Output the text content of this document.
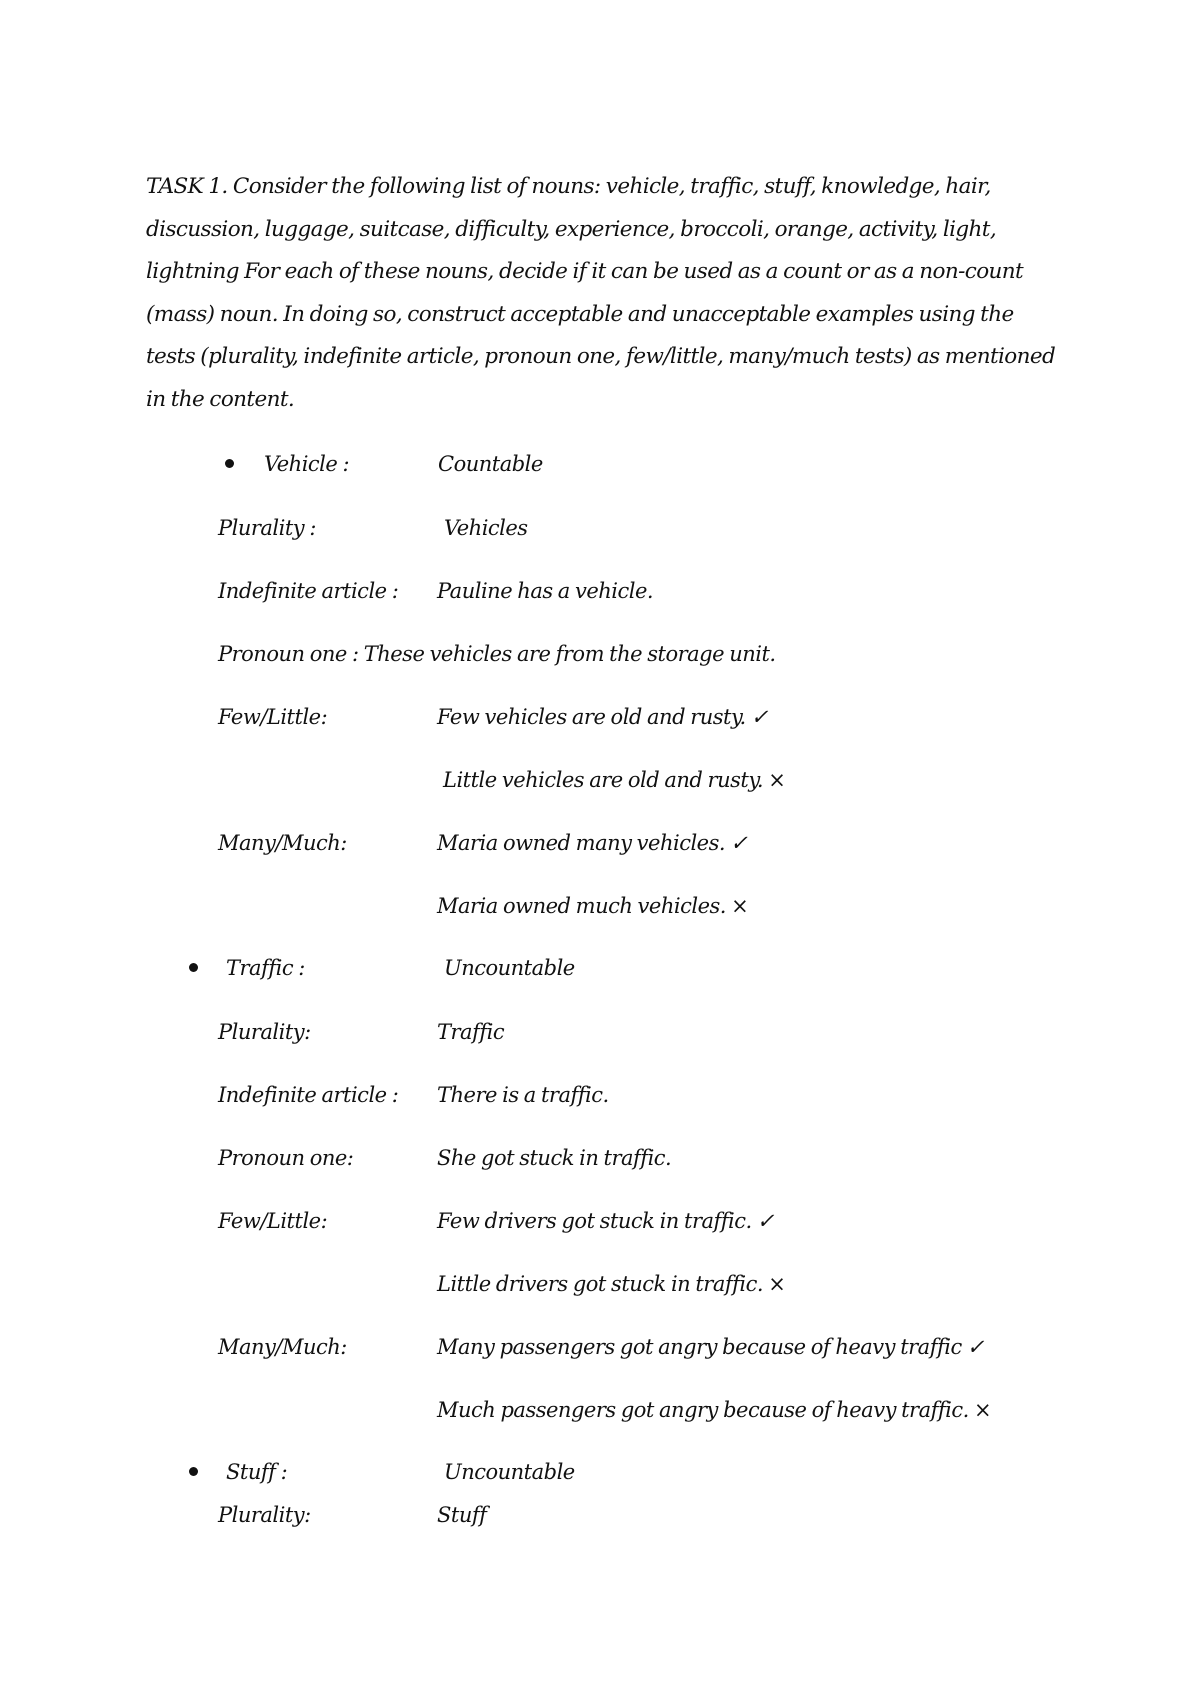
TASK 1. Consider the following list of nouns: vehicle, traffic, stuff, knowledge, hair, discussion, luggage, suitcase, difficulty, experience, broccoli, orange, activity, light, lightning For each of these nouns, decide if it can be used as a count or as a non-count (mass) noun. In doing so, construct acceptable and unacceptable examples using the tests (plurality, indefinite article, pronoun one, few/little, many/much tests) as mentioned in the content.

Vehicle :	Countable
Plurality :	Vehicles
Indefinite article : Pauline has a vehicle.
Pronoun one : These vehicles are from the storage unit.
Few/Little:	Few vehicles are old and rusty. ✓
Little vehicles are old and rusty. ×
Many/Much:	Maria owned many vehicles. ✓
Maria owned much vehicles. ×
Traffic :	Uncountable
Plurality:	Traffic
Indefinite article : There is a traffic.
Pronoun one:	She got stuck in traffic.
Few/Little:	Few drivers got stuck in traffic. ✓
Little drivers got stuck in traffic. ×
Many/Much:	Many passengers got angry because of heavy traffic ✓
Much passengers got angry because of heavy traffic. ×
Stuff :	Uncountable
Plurality:	Stuff
